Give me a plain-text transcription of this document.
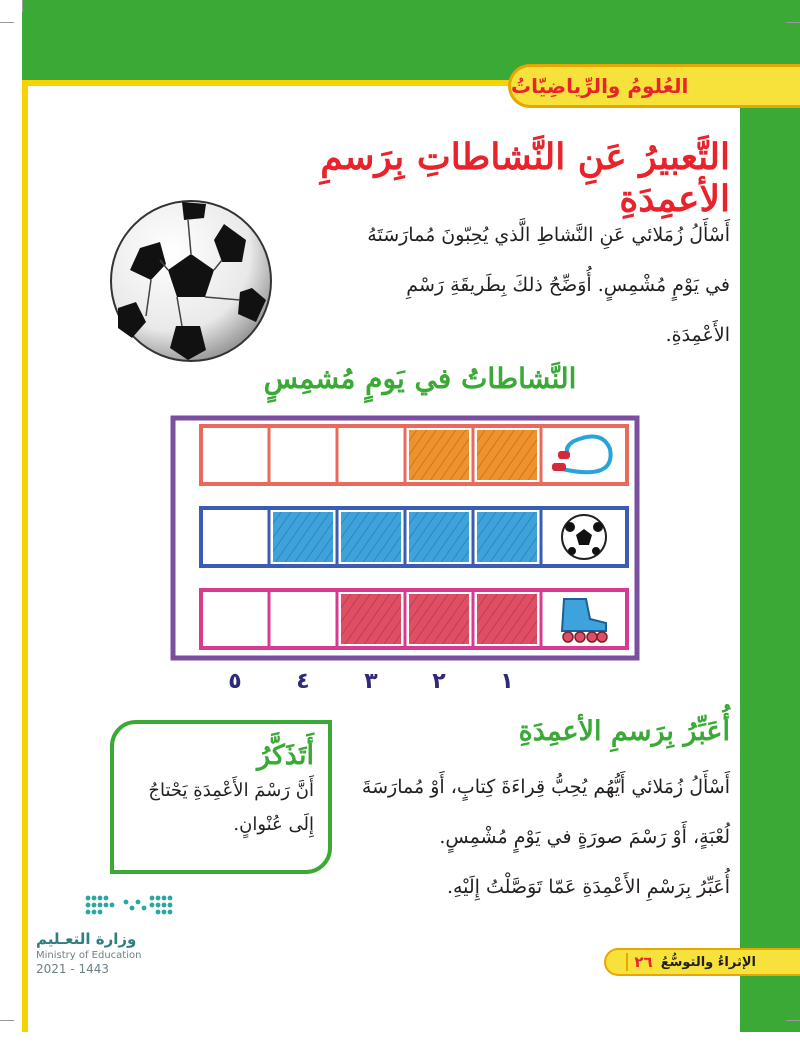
العُلومُ والرِّياضِيّاتُ
التَّعبيرُ عَنِ النَّشاطاتِ بِرَسمِ الأعمِدَةِ
أَسْأَلُ زُمَلائي عَنِ النَّشاطِ الَّذي يُحِبّونَ مُمارَسَتَهُ
في يَوْمٍ مُشْمِسٍ. أُوَضِّحُ ذلكَ بِطَريقَةِ رَسْمِ
الأَعْمِدَةِ.
النَّشاطاتُ في يَومٍ مُشمِسٍ
١
٢
٣
٤
٥
أُعَبِّرُ بِرَسمِ الأعمِدَةِ
أَسْأَلُ زُمَلائي أَيُّهُم يُحِبُّ قِراءَةَ كِتابٍ، أَوْ مُمارَسَةَ
لُعْبَةٍ، أَوْ رَسْمَ صورَةٍ في يَوْمٍ مُشْمِسٍ.
أُعَبِّرُ بِرَسْمِ الأَعْمِدَةِ عَمّا تَوَصَّلْتُ إِلَيْهِ.
أَتَذَكَّرُ
أَنَّ رَسْمَ الأَعْمِدَةِ يَحْتاجُ
إِلَى عُنْوانٍ.
وزارة التعـليم
Ministry of Education
2021 - 1443	٢٦ الإثراءُ والتوسُّعُ
